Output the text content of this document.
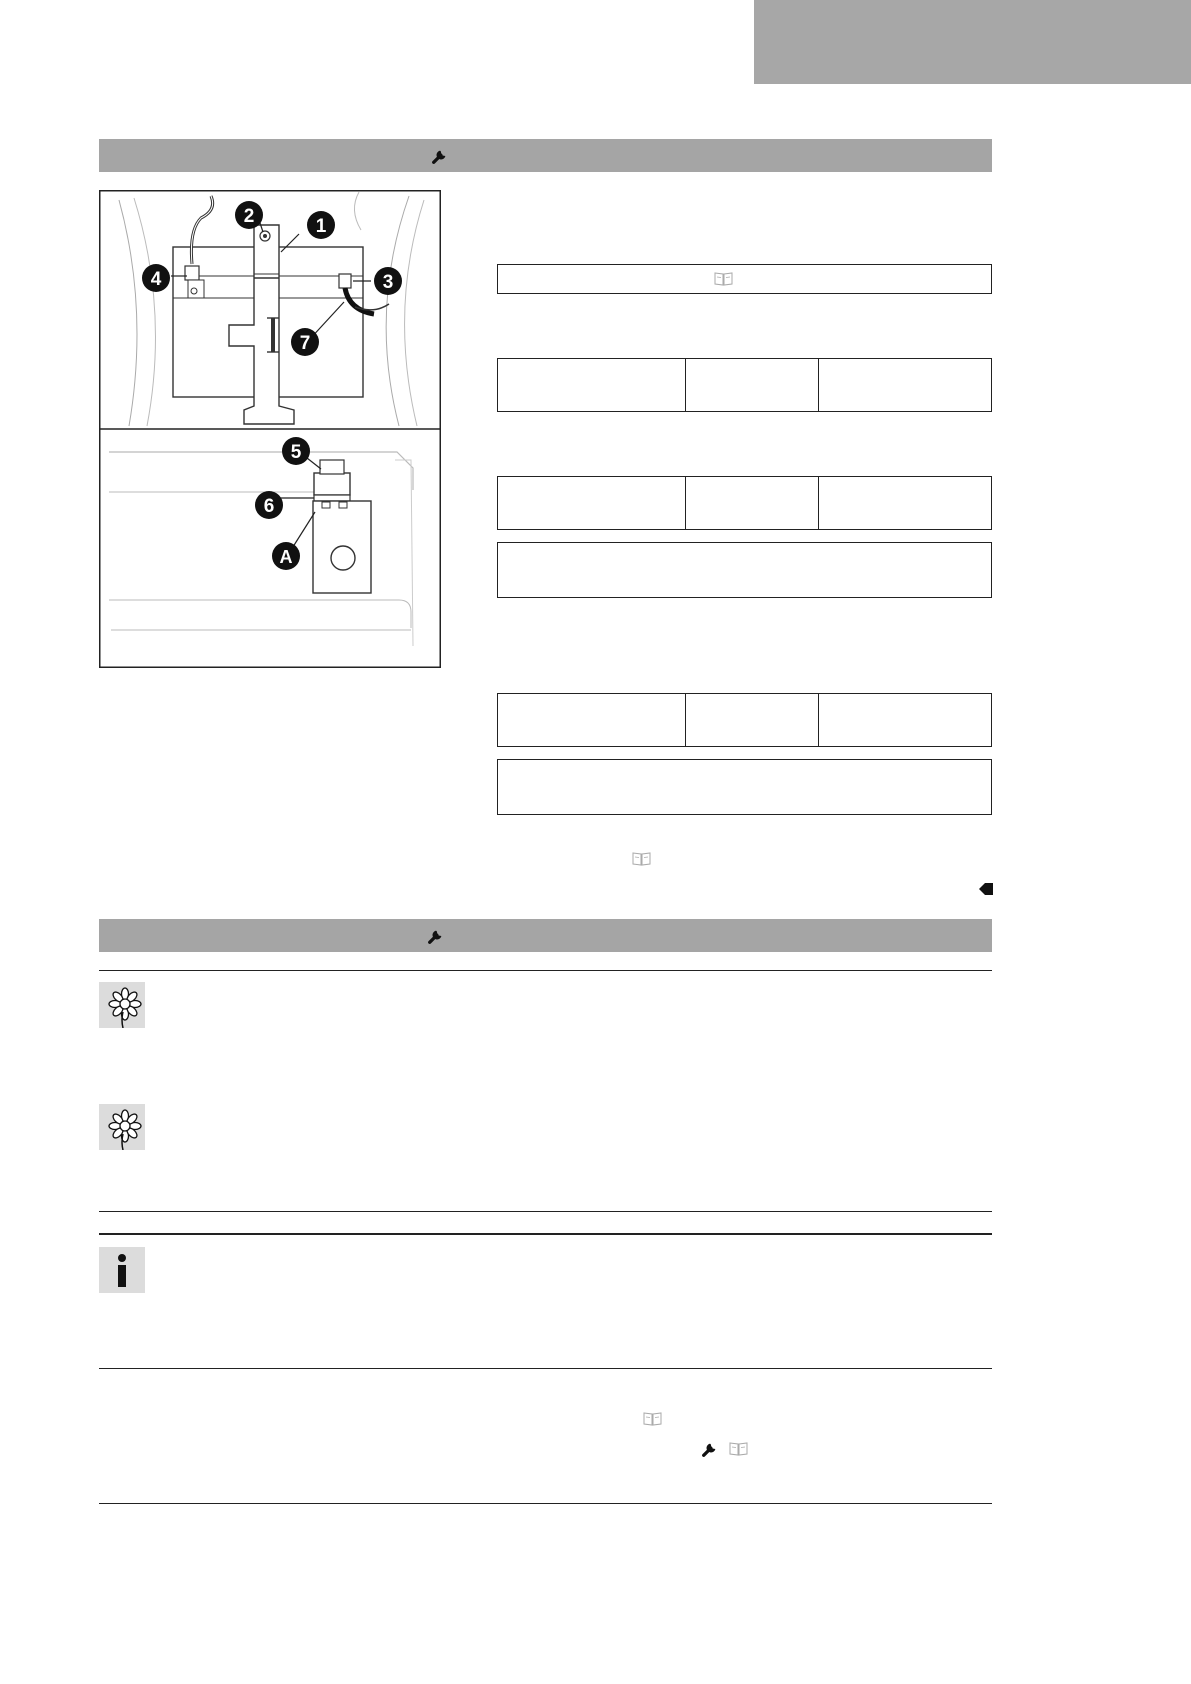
1
2
3
4
7
5
6
A
